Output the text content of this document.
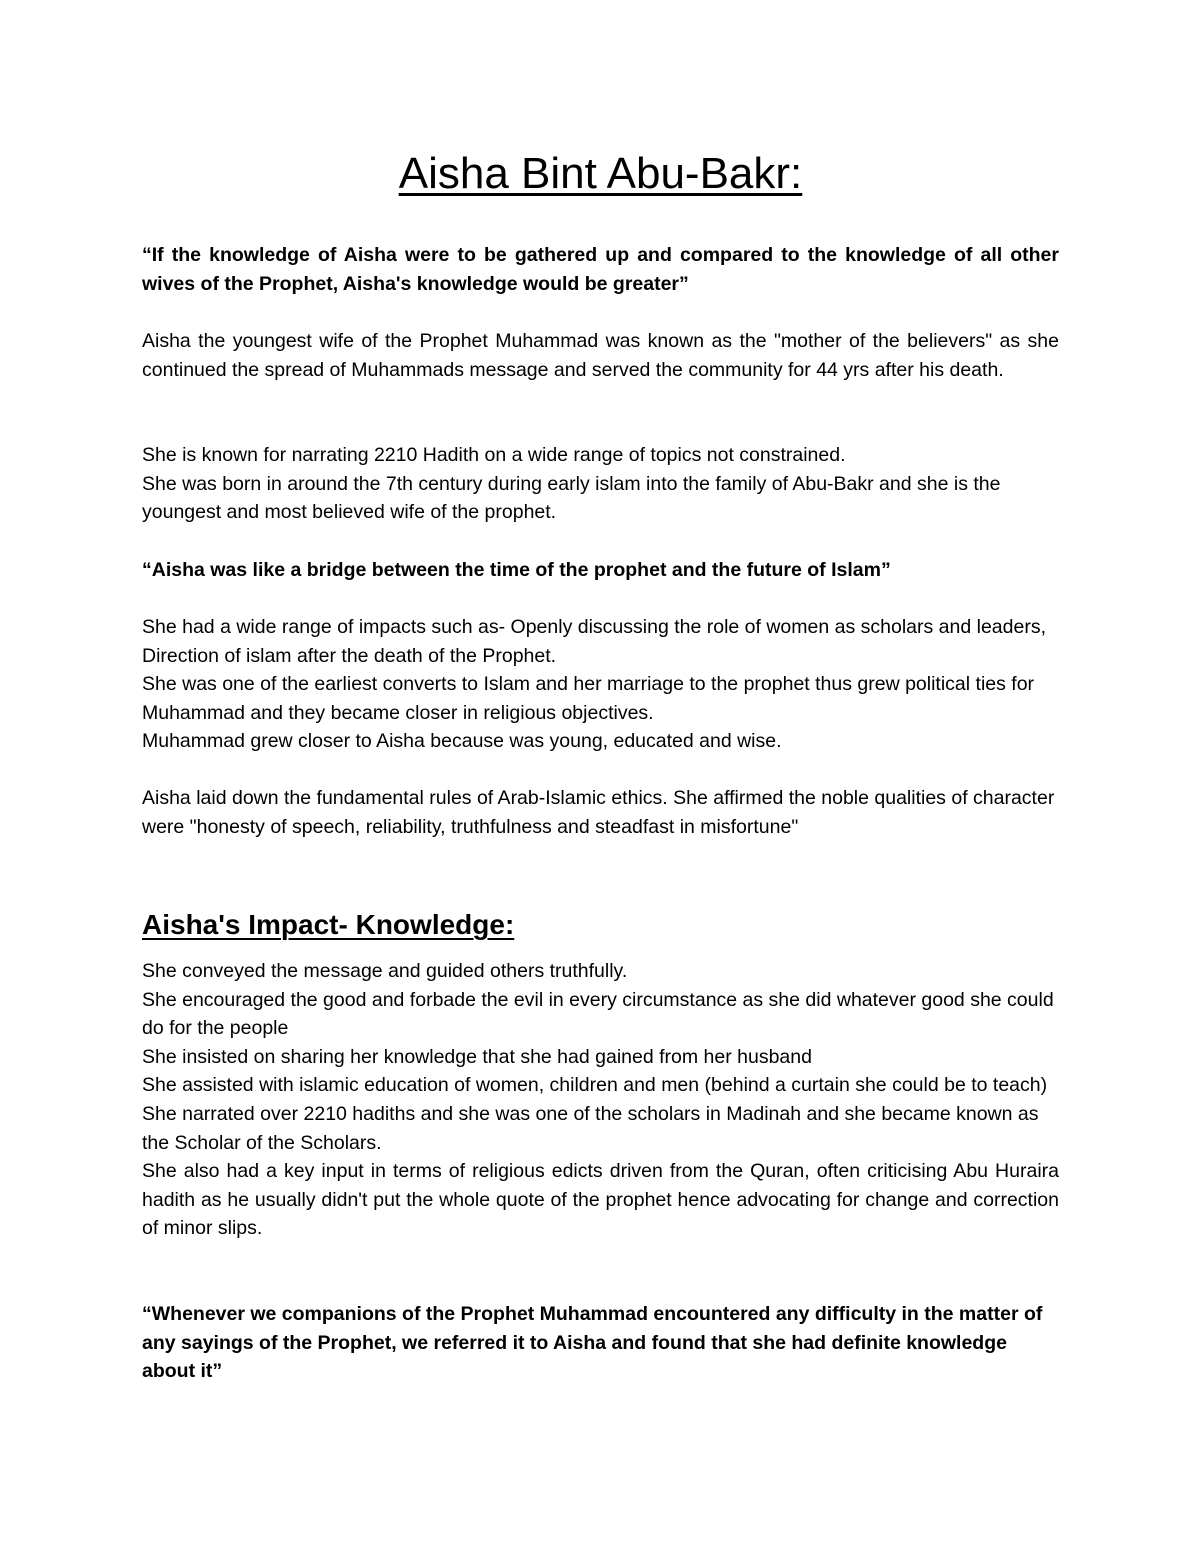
Aisha Bint Abu-Bakr:

“If the knowledge of Aisha were to be gathered up and compared to the knowledge of all other wives of the Prophet, Aisha's knowledge would be greater”

Aisha the youngest wife of the Prophet Muhammad was known as the "mother of the believers" as she continued the spread of Muhammads message and served the community for 44 yrs after his death.

She is known for narrating 2210 Hadith on a wide range of topics not constrained.
She was born in around the 7th century during early islam into the family of Abu-Bakr and she is the youngest and most believed wife of the prophet.

“Aisha was like a bridge between the time of the prophet and the future of Islam”

She had a wide range of impacts such as- Openly discussing the role of women as scholars and leaders, Direction of islam after the death of the Prophet.
She was one of the earliest converts to Islam and her marriage to the prophet thus grew political ties for Muhammad and they became closer in religious objectives.
Muhammad grew closer to Aisha because was young, educated and wise.

Aisha laid down the fundamental rules of Arab-Islamic ethics. She affirmed the noble qualities of character were "honesty of speech, reliability, truthfulness and steadfast in misfortune"

Aisha's Impact- Knowledge:
She conveyed the message and guided others truthfully.
She encouraged the good and forbade the evil in every circumstance as she did whatever good she could do for the people
She insisted on sharing her knowledge that she had gained from her husband
She assisted with islamic education of women, children and men (behind a curtain she could be to teach)
She narrated over 2210 hadiths and she was one of the scholars in Madinah and she became known as the Scholar of the Scholars.
She also had a key input in terms of religious edicts driven from the Quran, often criticising Abu Huraira hadith as he usually didn't put the whole quote of the prophet hence advocating for change and correction of minor slips.

“Whenever we companions of the Prophet Muhammad encountered any difficulty in the matter of any sayings of the Prophet, we referred it to Aisha and found that she had definite knowledge about it”
